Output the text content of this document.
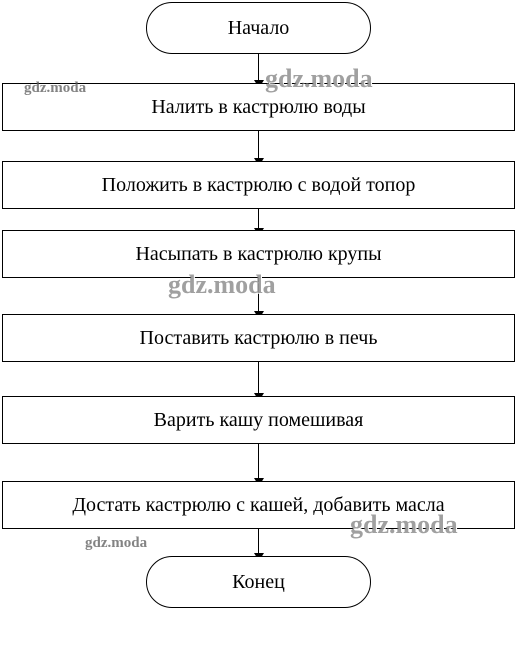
Начало
Налить в кастрюлю воды
Положить в кастрюлю с водой топор
Насыпать в кастрюлю крупы
Поставить кастрюлю в печь
Варить кашу помешивая
Достать кастрюлю с кашей, добавить масла
Конец
gdz.moda	gdz.moda
gdz.moda
gdz.moda
gdz.moda
